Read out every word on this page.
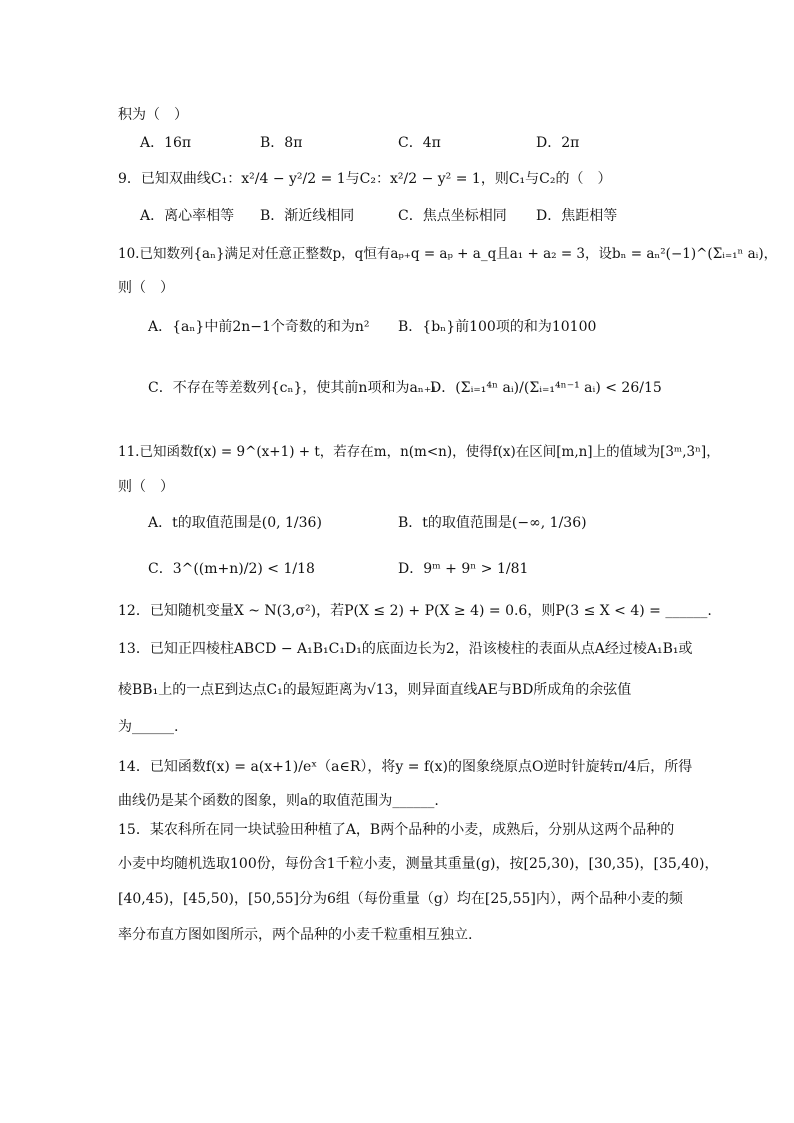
积为（　）
A．16π	B．8π	C．4π	D．2π
9．已知双曲线C₁：x²/4 − y²/2 = 1与C₂：x²/2 − y² = 1，则C₁与C₂的（　）
A．离心率相等 B．渐近线相同	C．焦点坐标相同 D．焦距相等
10.已知数列{aₙ}满足对任意正整数p，q恒有aₚ₊q = aₚ + a_q且a₁ + a₂ = 3，设bₙ = aₙ²(−1)^(Σᵢ₌₁ⁿ aᵢ)，
则（　）
A．{aₙ}中前2n−1个奇数的和为n² B．{bₙ}前100项的和为10100
C．不存在等差数列{cₙ}，使其前n项和为aₙ₊₁
D．(Σᵢ₌₁⁴ⁿ aᵢ)/(Σᵢ₌₁⁴ⁿ⁻¹ aᵢ) < 26/15
11.已知函数f(x) = 9^(x+1) + t，若存在m，n(m<n)，使得f(x)在区间[m,n]上的值域为[3ᵐ,3ⁿ]，
则（　）
A．t的取值范围是(0, 1/36)	B．t的取值范围是(−∞, 1/36)
C．3^((m+n)/2) < 1/18	D．9ᵐ + 9ⁿ > 1/81
12．已知随机变量X ~ N(3,σ²)，若P(X ≤ 2) + P(X ≥ 4) = 0.6，则P(3 ≤ X < 4) = ______.
13．已知正四棱柱ABCD − A₁B₁C₁D₁的底面边长为2，沿该棱柱的表面从点A经过棱A₁B₁或
棱BB₁上的一点E到达点C₁的最短距离为√13，则异面直线AE与BD所成角的余弦值
为______.
14．已知函数f(x) = a(x+1)/eˣ（a∈R），将y = f(x)的图象绕原点O逆时针旋转π/4后，所得
曲线仍是某个函数的图象，则a的取值范围为______.
15．某农科所在同一块试验田种植了A，B两个品种的小麦，成熟后，分别从这两个品种的
小麦中均随机选取100份，每份含1千粒小麦，测量其重量(g)，按[25,30)，[30,35)，[35,40)，
[40,45)，[45,50)，[50,55]分为6组（每份重量（g）均在[25,55]内），两个品种小麦的频
率分布直方图如图所示，两个品种的小麦千粒重相互独立.
